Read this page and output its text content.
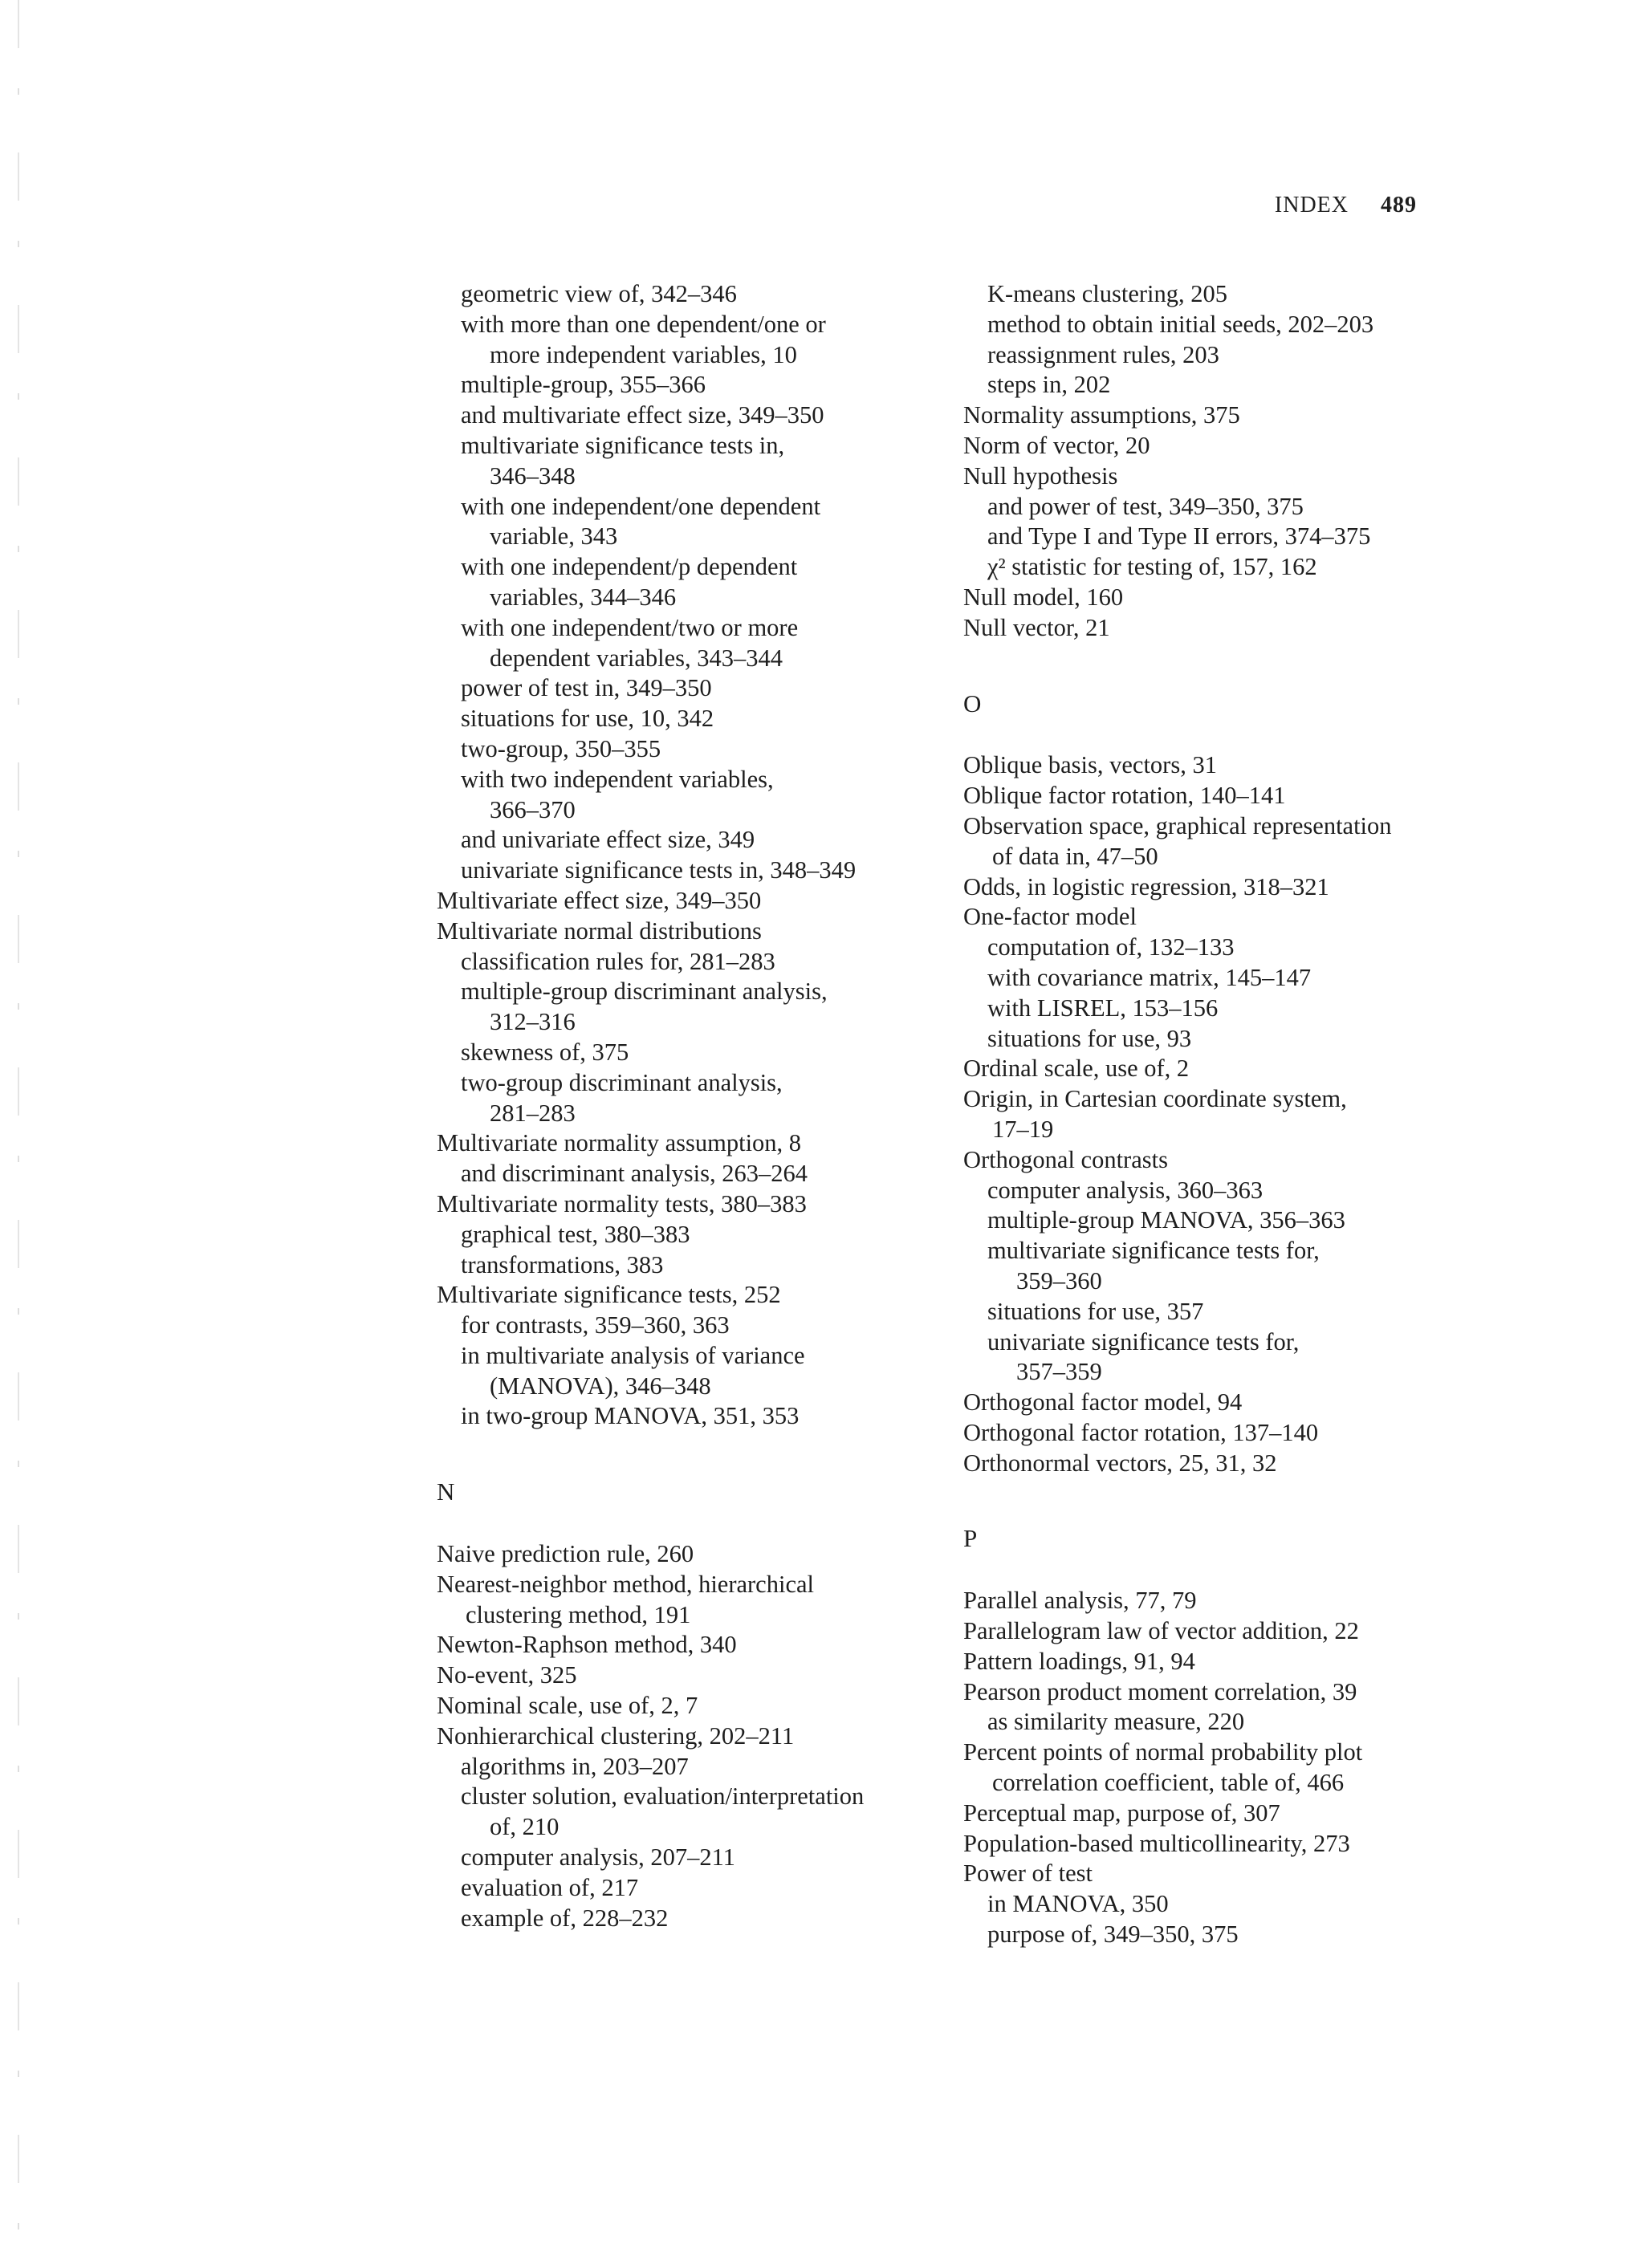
INDEX 489
geometric view of, 342–346
with more than one dependent/one or
more independent variables, 10
multiple-group, 355–366
and multivariate effect size, 349–350
multivariate significance tests in,
346–348
with one independent/one dependent
variable, 343
with one independent/p dependent
variables, 344–346
with one independent/two or more
dependent variables, 343–344
power of test in, 349–350
situations for use, 10, 342
two-group, 350–355
with two independent variables,
366–370
and univariate effect size, 349
univariate significance tests in, 348–349
Multivariate effect size, 349–350
Multivariate normal distributions
classification rules for, 281–283
multiple-group discriminant analysis,
312–316
skewness of, 375
two-group discriminant analysis,
281–283
Multivariate normality assumption, 8
and discriminant analysis, 263–264
Multivariate normality tests, 380–383
graphical test, 380–383
transformations, 383
Multivariate significance tests, 252
for contrasts, 359–360, 363
in multivariate analysis of variance
(MANOVA), 346–348
in two-group MANOVA, 351, 353
N
Naive prediction rule, 260
Nearest-neighbor method, hierarchical
clustering method, 191
Newton-Raphson method, 340
No-event, 325
Nominal scale, use of, 2, 7
Nonhierarchical clustering, 202–211
algorithms in, 203–207
cluster solution, evaluation/interpretation
of, 210
computer analysis, 207–211
evaluation of, 217
example of, 228–232
K-means clustering, 205
method to obtain initial seeds, 202–203
reassignment rules, 203
steps in, 202
Normality assumptions, 375
Norm of vector, 20
Null hypothesis
and power of test, 349–350, 375
and Type I and Type II errors, 374–375
χ² statistic for testing of, 157, 162
Null model, 160
Null vector, 21
O
Oblique basis, vectors, 31
Oblique factor rotation, 140–141
Observation space, graphical representation
of data in, 47–50
Odds, in logistic regression, 318–321
One-factor model
computation of, 132–133
with covariance matrix, 145–147
with LISREL, 153–156
situations for use, 93
Ordinal scale, use of, 2
Origin, in Cartesian coordinate system,
17–19
Orthogonal contrasts
computer analysis, 360–363
multiple-group MANOVA, 356–363
multivariate significance tests for,
359–360
situations for use, 357
univariate significance tests for,
357–359
Orthogonal factor model, 94
Orthogonal factor rotation, 137–140
Orthonormal vectors, 25, 31, 32
P
Parallel analysis, 77, 79
Parallelogram law of vector addition, 22
Pattern loadings, 91, 94
Pearson product moment correlation, 39
as similarity measure, 220
Percent points of normal probability plot
correlation coefficient, table of, 466
Perceptual map, purpose of, 307
Population-based multicollinearity, 273
Power of test
in MANOVA, 350
purpose of, 349–350, 375
